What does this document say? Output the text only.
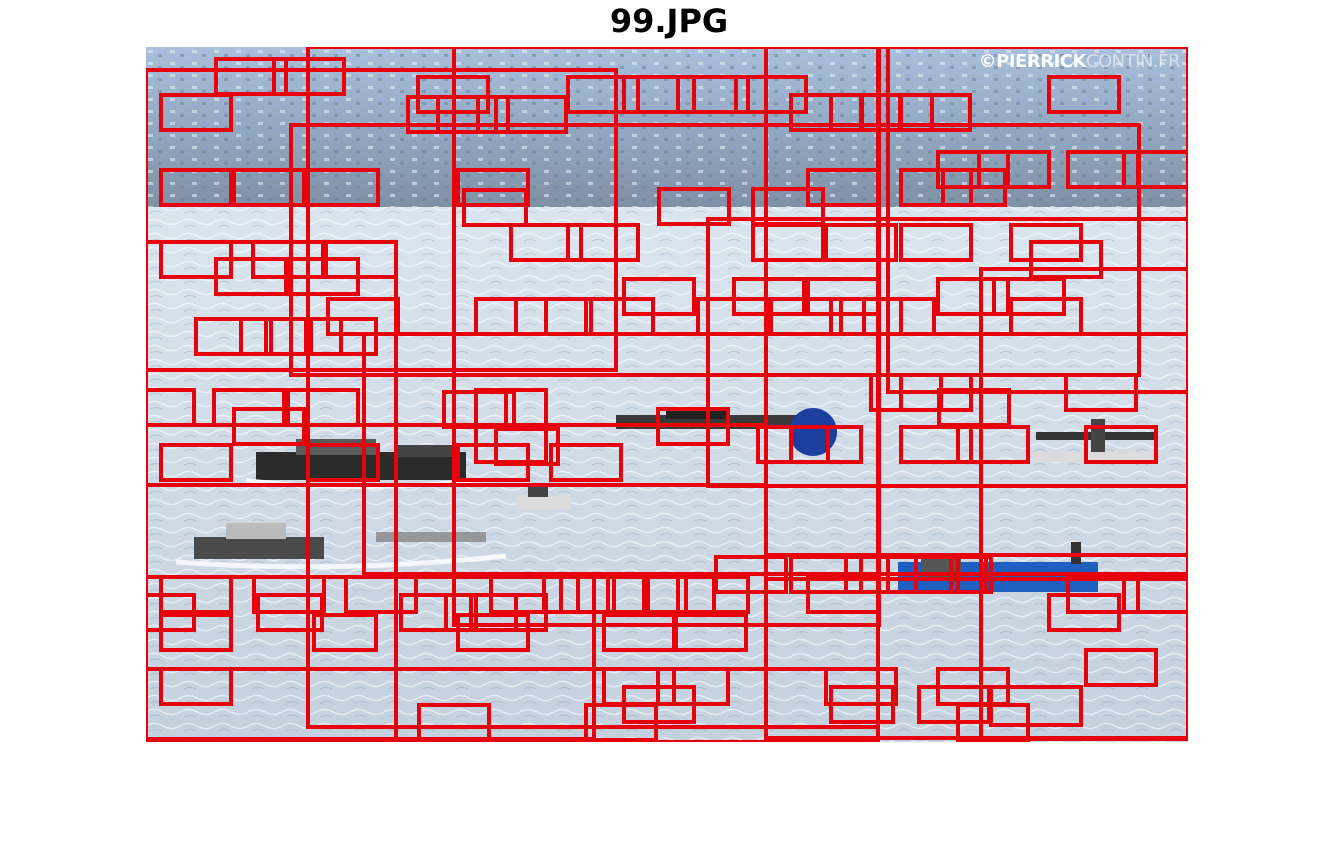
99.JPG
©PIERRICKCONTIN.FR
